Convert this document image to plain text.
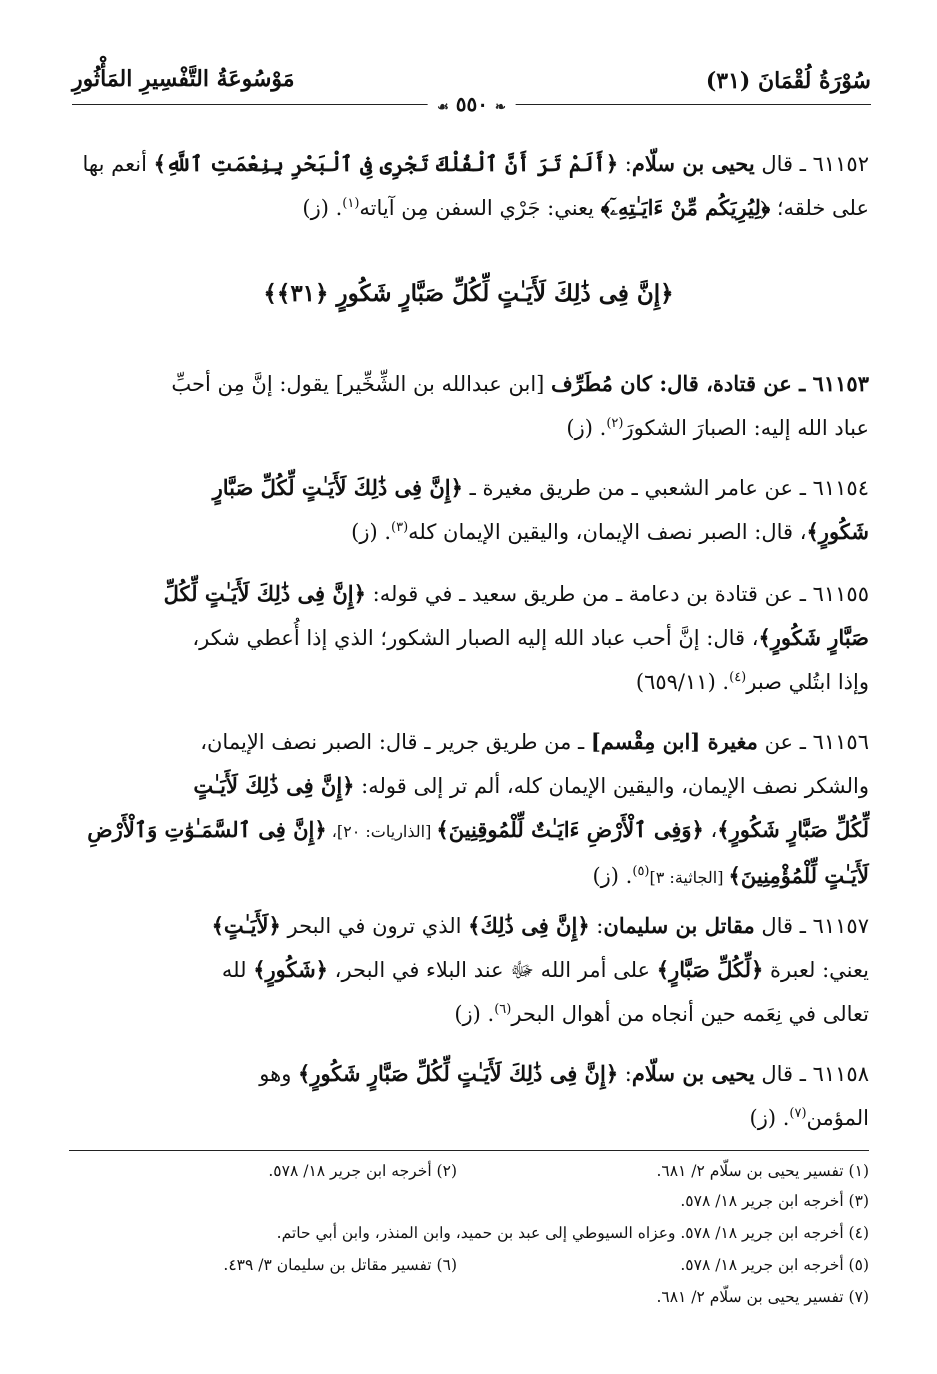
سُوْرَةُ لُقْمَانَ (٣١)
مَوْسُوعَةُ التَّفْسِيرِ المَأْثُورِ
❧ ٥٥٠ ☙
٦١١٥٢ ـ قال يحيى بن سلّام: ﴿أَلَمْ تَرَ أَنَّ ٱلْفُلْكَ تَجْرِى فِى ٱلْبَحْرِ بِنِعْمَتِ ٱللَّهِ﴾ أنعم بها
على خلقه؛ ﴿لِيُرِيَكُم مِّنْ ءَايَـٰتِهِۦٓ﴾ يعني: جَرْي السفن مِن آياته$^{(١)}$. (ز)
﴿إِنَّ فِى ذَٰلِكَ لَأَيَـٰتٍ لِّكُلِّ صَبَّارٍ شَكُورٍ ﴿٣١﴾﴾
٦١١٥٣ ـ عن قتادة، قال: كان مُطَرِّف [ابن عبدالله بن الشِّخِّير] يقول: إنَّ مِن أحبِّ
عباد الله إليه: الصبارَ الشكورَ$^{(٢)}$. (ز)
٦١١٥٤ ـ عن عامر الشعبي ـ من طريق مغيرة ـ ﴿إِنَّ فِى ذَٰلِكَ لَأَيَـٰتٍ لِّكُلِّ صَبَّارٍ
شَكُورٍ﴾، قال: الصبر نصف الإيمان، واليقين الإيمان كله$^{(٣)}$. (ز)
٦١١٥٥ ـ عن قتادة بن دعامة ـ من طريق سعيد ـ في قوله: ﴿إِنَّ فِى ذَٰلِكَ لَأَيَـٰتٍ لِّكُلِّ
صَبَّارٍ شَكُورٍ﴾، قال: إنَّ أحب عباد الله إليه الصبار الشكور؛ الذي إذا أُعطي شكر،
وإذا ابتُلي صبر$^{(٤)}$. (٦٥٩/١١)
٦١١٥٦ ـ عن مغيرة [ابن مِقْسم] ـ من طريق جرير ـ قال: الصبر نصف الإيمان،
والشكر نصف الإيمان، واليقين الإيمان كله، ألم تر إلى قوله: ﴿إِنَّ فِى ذَٰلِكَ لَأَيَـٰتٍ
لِّكُلِّ صَبَّارٍ شَكُورٍ﴾، ﴿وَفِى ٱلْأَرْضِ ءَايَـٰتٌ لِّلْمُوقِنِينَ﴾ [الذاريات: ٢٠]، ﴿إِنَّ فِى ٱلسَّمَـٰوَٰتِ وَٱلْأَرْضِ
لَأَيَـٰتٍ لِّلْمُؤْمِنِينَ﴾ [الجاثية: ٣]$^{(٥)}$. (ز)
٦١١٥٧ ـ قال مقاتل بن سليمان: ﴿إِنَّ فِى ذَٰلِكَ﴾ الذي ترون في البحر ﴿لَأَيَـٰتٍ﴾
يعني: لعبرة ﴿لِّكُلِّ صَبَّارٍ﴾ على أمر الله ﷻ عند البلاء في البحر، ﴿شَكُورٍ﴾ لله
تعالى في نِعَمه حين أنجاه من أهوال البحر$^{(٦)}$. (ز)
٦١١٥٨ ـ قال يحيى بن سلّام: ﴿إِنَّ فِى ذَٰلِكَ لَأَيَـٰتٍ لِّكُلِّ صَبَّارٍ شَكُورٍ﴾ وهو
المؤمن$^{(٧)}$. (ز)
(١) تفسير يحيى بن سلّام ٢/ ٦٨١.
(٢) أخرجه ابن جرير ١٨/ ٥٧٨.
(٣) أخرجه ابن جرير ١٨/ ٥٧٨.
(٤) أخرجه ابن جرير ١٨/ ٥٧٨. وعزاه السيوطي إلى عبد بن حميد، وابن المنذر، وابن أبي حاتم.
(٥) أخرجه ابن جرير ١٨/ ٥٧٨.
(٦) تفسير مقاتل بن سليمان ٣/ ٤٣٩.
(٧) تفسير يحيى بن سلّام ٢/ ٦٨١.
